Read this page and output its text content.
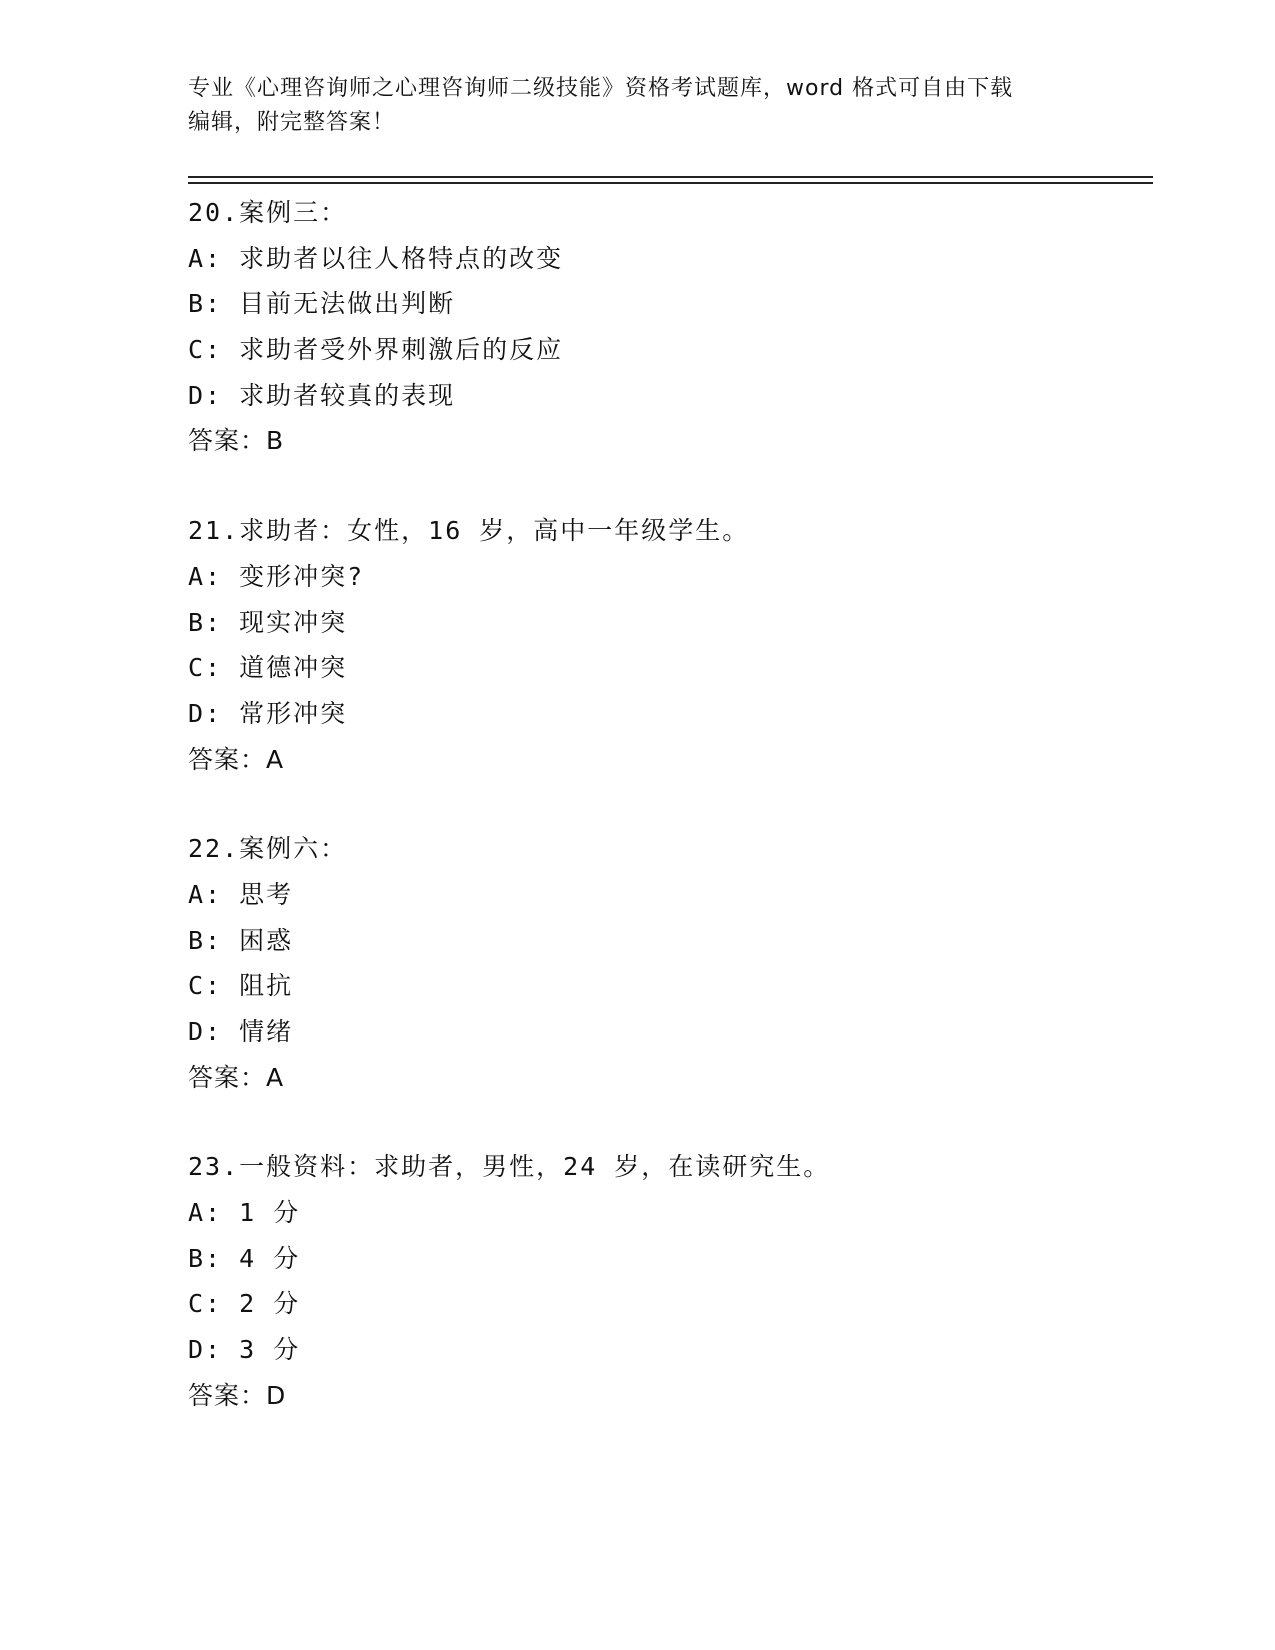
专业《心理咨询师之心理咨询师二级技能》资格考试题库，word 格式可自由下载
编辑，附完整答案！
20.案例三：
A: 求助者以往人格特点的改变
B: 目前无法做出判断
C: 求助者受外界刺激后的反应
D: 求助者较真的表现
答案：B
21.求助者：女性，16 岁，高中一年级学生。
A: 变形冲突?
B: 现实冲突
C: 道德冲突
D: 常形冲突
答案：A
22.案例六：
A: 思考
B: 困惑
C: 阻抗
D: 情绪
答案：A
23.一般资料：求助者，男性，24 岁，在读研究生。
A: 1 分
B: 4 分
C: 2 分
D: 3 分
答案：D
